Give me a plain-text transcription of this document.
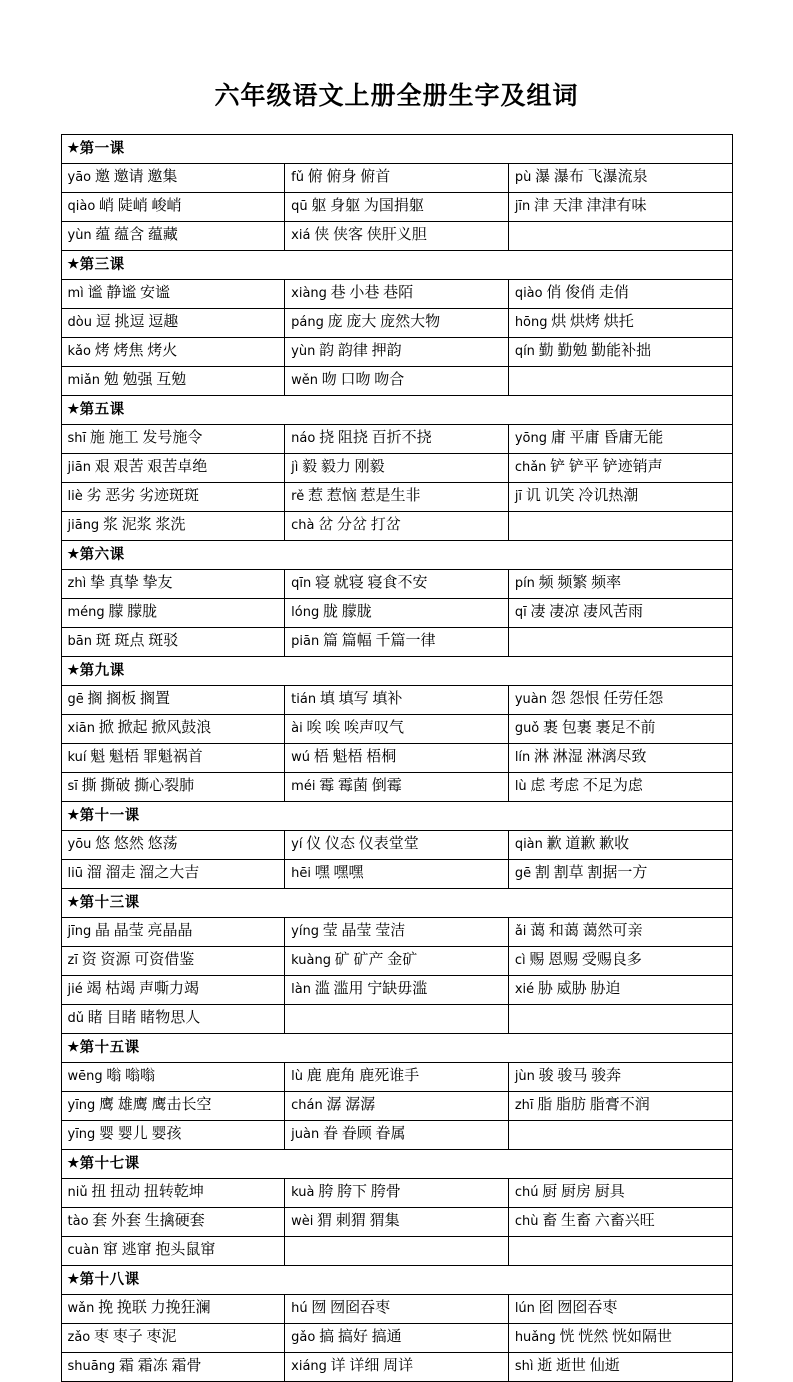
六年级语文上册全册生字及组词
★第一课		
yāo 邀 邀请 邀集	fǔ 俯 俯身 俯首	pù 瀑 瀑布 飞瀑流泉
qiào 峭 陡峭 峻峭	qū 躯 身躯 为国捐躯	jīn 津 天津 津津有味
yùn 蕴 蕴含 蕴藏	xiá 侠 侠客 侠肝义胆	
★第三课		
mì 谧 静谧 安谧	xiàng 巷 小巷 巷陌	qiào 俏 俊俏 走俏
dòu 逗 挑逗 逗趣	páng 庞 庞大 庞然大物	hōng 烘 烘烤 烘托
kǎo 烤 烤焦 烤火	yùn 韵 韵律 押韵	qín 勤 勤勉 勤能补拙
miǎn 勉 勉强 互勉	wěn 吻 口吻 吻合	
★第五课		
shī 施 施工 发号施令	náo 挠 阻挠 百折不挠	yōng 庸 平庸 昏庸无能
jiān 艰 艰苦 艰苦卓绝	jì 毅 毅力 刚毅	chǎn 铲 铲平 铲迹销声
liè 劣 恶劣 劣迹斑斑	rě 惹 惹恼 惹是生非	jī 讥 讥笑 冷讥热潮
jiāng 浆 泥浆 浆洗	chà 岔 分岔 打岔	
★第六课		
zhì 挚 真挚 挚友	qīn 寝 就寝 寝食不安	pín 频 频繁 频率
méng 朦 朦胧	lóng 胧 朦胧	qī 凄 凄凉 凄风苦雨
bān 斑 斑点 斑驳	piān 篇 篇幅 千篇一律	
★第九课		
gē 搁 搁板 搁置	tián 填 填写 填补	yuàn 怨 怨恨 任劳任怨
xiān 掀 掀起 掀风鼓浪	ài 唉 唉 唉声叹气	guǒ 裹 包裹 裹足不前
kuí 魁 魁梧 罪魁祸首	wú 梧 魁梧 梧桐	lín 淋 淋湿 淋漓尽致
sī 撕 撕破 撕心裂肺	méi 霉 霉菌 倒霉	lù 虑 考虑 不足为虑
★第十一课		
yōu 悠 悠然 悠荡	yí 仪 仪态 仪表堂堂	qiàn 歉 道歉 歉收
liū 溜 溜走 溜之大吉	hēi 嘿 嘿嘿	gē 割 割草 割据一方
★第十三课		
jīng 晶 晶莹 亮晶晶	yíng 莹 晶莹 莹洁	ǎi 蔼 和蔼 蔼然可亲
zī 资 资源 可资借鉴	kuàng 矿 矿产 金矿	cì 赐 恩赐 受赐良多
jié 竭 枯竭 声嘶力竭	làn 滥 滥用 宁缺毋滥	xié 胁 威胁 胁迫
dǔ 睹 目睹 睹物思人		
★第十五课		
wēng 嗡 嗡嗡	lù 鹿 鹿角 鹿死谁手	jùn 骏 骏马 骏奔
yīng 鹰 雄鹰 鹰击长空	chán 潺 潺潺	zhī 脂 脂肪 脂膏不润
yīng 婴 婴儿 婴孩	juàn 眷 眷顾 眷属	
★第十七课		
niǔ 扭 扭动 扭转乾坤	kuà 胯 胯下 胯骨	chú 厨 厨房 厨具
tào 套 外套 生擒硬套	wèi 猬 刺猬 猬集	chù 畜 生畜 六畜兴旺
cuàn 窜 逃窜 抱头鼠窜		
★第十八课		
wǎn 挽 挽联 力挽狂澜	hú 囫 囫囵吞枣	lún 囵 囫囵吞枣
zǎo 枣 枣子 枣泥	gǎo 搞 搞好 搞通	huǎng 恍 恍然 恍如隔世
shuāng 霜 霜冻 霜骨	xiáng 详 详细 周详	shì 逝 逝世 仙逝
